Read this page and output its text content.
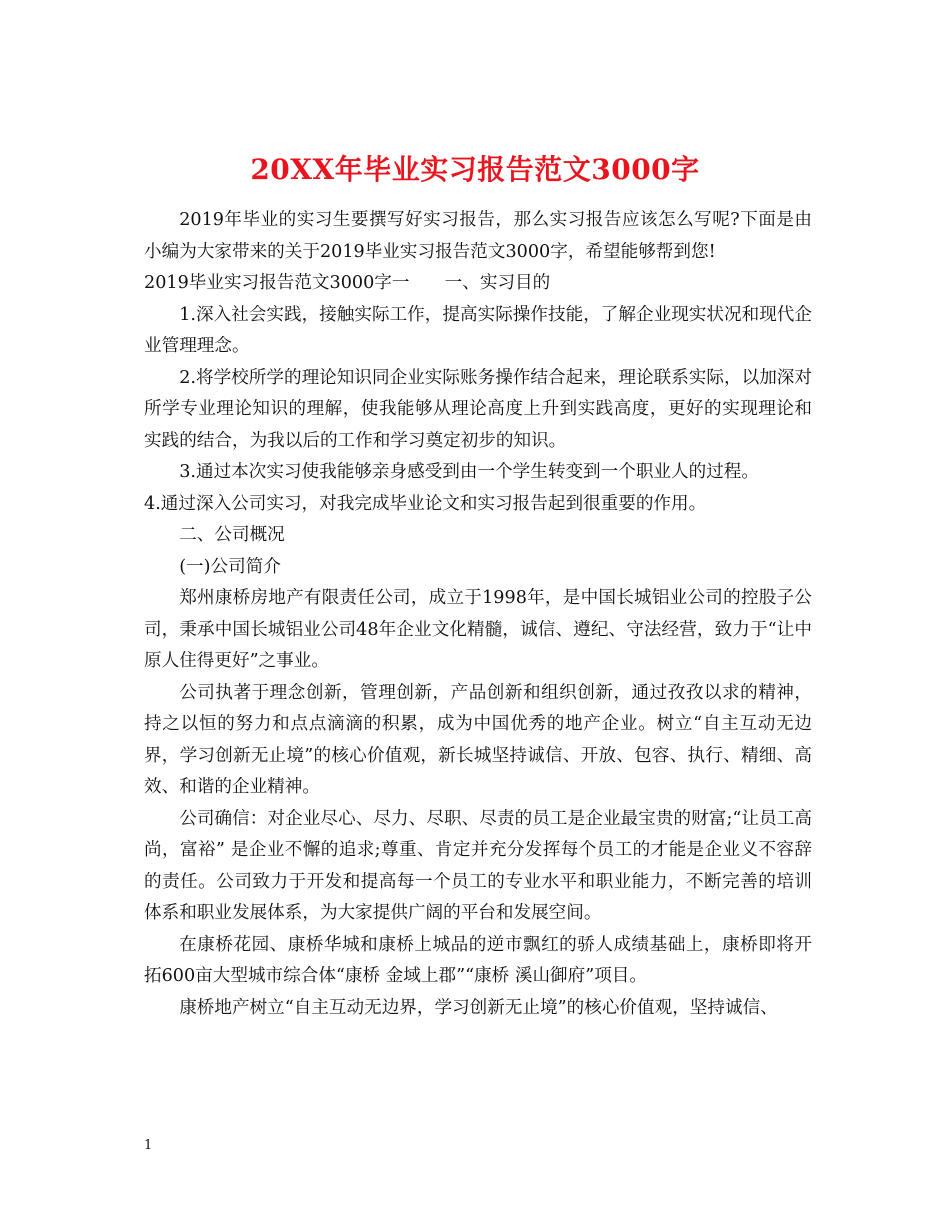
20XX年毕业实习报告范文3000字

2019年毕业的实习生要撰写好实习报告，那么实习报告应该怎么写呢?下面是由小编为大家带来的关于2019毕业实习报告范文3000字，希望能够帮到您!

2019毕业实习报告范文3000字一　　一、实习目的

1.深入社会实践，接触实际工作，提高实际操作技能，了解企业现实状况和现代企业管理理念。

2.将学校所学的理论知识同企业实际账务操作结合起来，理论联系实际，以加深对所学专业理论知识的理解，使我能够从理论高度上升到实践高度，更好的实现理论和实践的结合，为我以后的工作和学习奠定初步的知识。

3.通过本次实习使我能够亲身感受到由一个学生转变到一个职业人的过程。

4.通过深入公司实习，对我完成毕业论文和实习报告起到很重要的作用。

二、公司概况

(一)公司简介

郑州康桥房地产有限责任公司，成立于1998年，是中国长城铝业公司的控股子公司，秉承中国长城铝业公司48年企业文化精髓，诚信、遵纪、守法经营，致力于“让中原人住得更好”之事业。

公司执著于理念创新，管理创新，产品创新和组织创新，通过孜孜以求的精神，持之以恒的努力和点点滴滴的积累，成为中国优秀的地产企业。树立“自主互动无边界，学习创新无止境”的核心价值观，新长城坚持诚信、开放、包容、执行、精细、高效、和谐的企业精神。

公司确信：对企业尽心、尽力、尽职、尽责的员工是企业最宝贵的财富;“让员工高尚，富裕” 是企业不懈的追求;尊重、肯定并充分发挥每个员工的才能是企业义不容辞的责任。公司致力于开发和提高每一个员工的专业水平和职业能力，不断完善的培训体系和职业发展体系，为大家提供广阔的平台和发展空间。

在康桥花园、康桥华城和康桥上城品的逆市飘红的骄人成绩基础上，康桥即将开拓600亩大型城市综合体“康桥 金域上郡”“康桥 溪山御府”项目。

康桥地产树立“自主互动无边界，学习创新无止境”的核心价值观，坚持诚信、

1
